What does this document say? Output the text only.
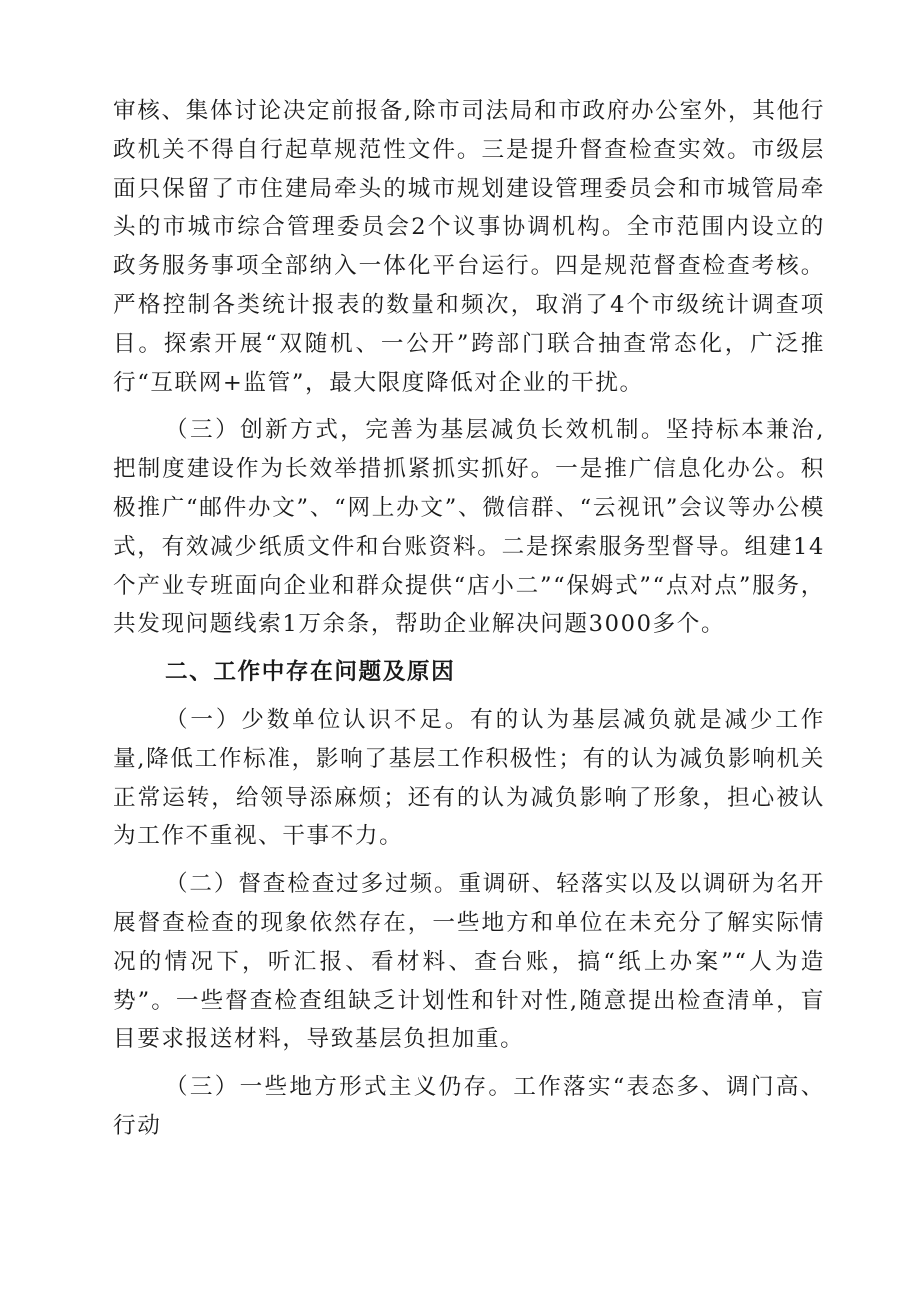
审核、集体讨论决定前报备,除市司法局和市政府办公室外，其他行政机关不得自行起草规范性文件。三是提升督查检查实效。市级层面只保留了市住建局牵头的城市规划建设管理委员会和市城管局牵头的市城市综合管理委员会2个议事协调机构。全市范围内设立的政务服务事项全部纳入一体化平台运行。四是规范督查检查考核。严格控制各类统计报表的数量和频次，取消了4个市级统计调查项目。探索开展“双随机、一公开”跨部门联合抽查常态化，广泛推行“互联网+监管”，最大限度降低对企业的干扰。

（三）创新方式，完善为基层减负长效机制。坚持标本兼治,把制度建设作为长效举措抓紧抓实抓好。一是推广信息化办公。积极推广“邮件办文”、“网上办文”、微信群、“云视讯”会议等办公模式，有效减少纸质文件和台账资料。二是探索服务型督导。组建14个产业专班面向企业和群众提供“店小二”“保姆式”“点对点”服务，共发现问题线索1万余条，帮助企业解决问题3000多个。

二、工作中存在问题及原因

（一）少数单位认识不足。有的认为基层减负就是减少工作量,降低工作标准，影响了基层工作积极性；有的认为减负影响机关正常运转，给领导添麻烦；还有的认为减负影响了形象，担心被认为工作不重视、干事不力。

（二）督查检查过多过频。重调研、轻落实以及以调研为名开展督查检查的现象依然存在，一些地方和单位在未充分了解实际情况的情况下，听汇报、看材料、查台账，搞“纸上办案”“人为造势”。一些督查检查组缺乏计划性和针对性,随意提出检查清单，盲目要求报送材料，导致基层负担加重。

（三）一些地方形式主义仍存。工作落实“表态多、调门高、行动
